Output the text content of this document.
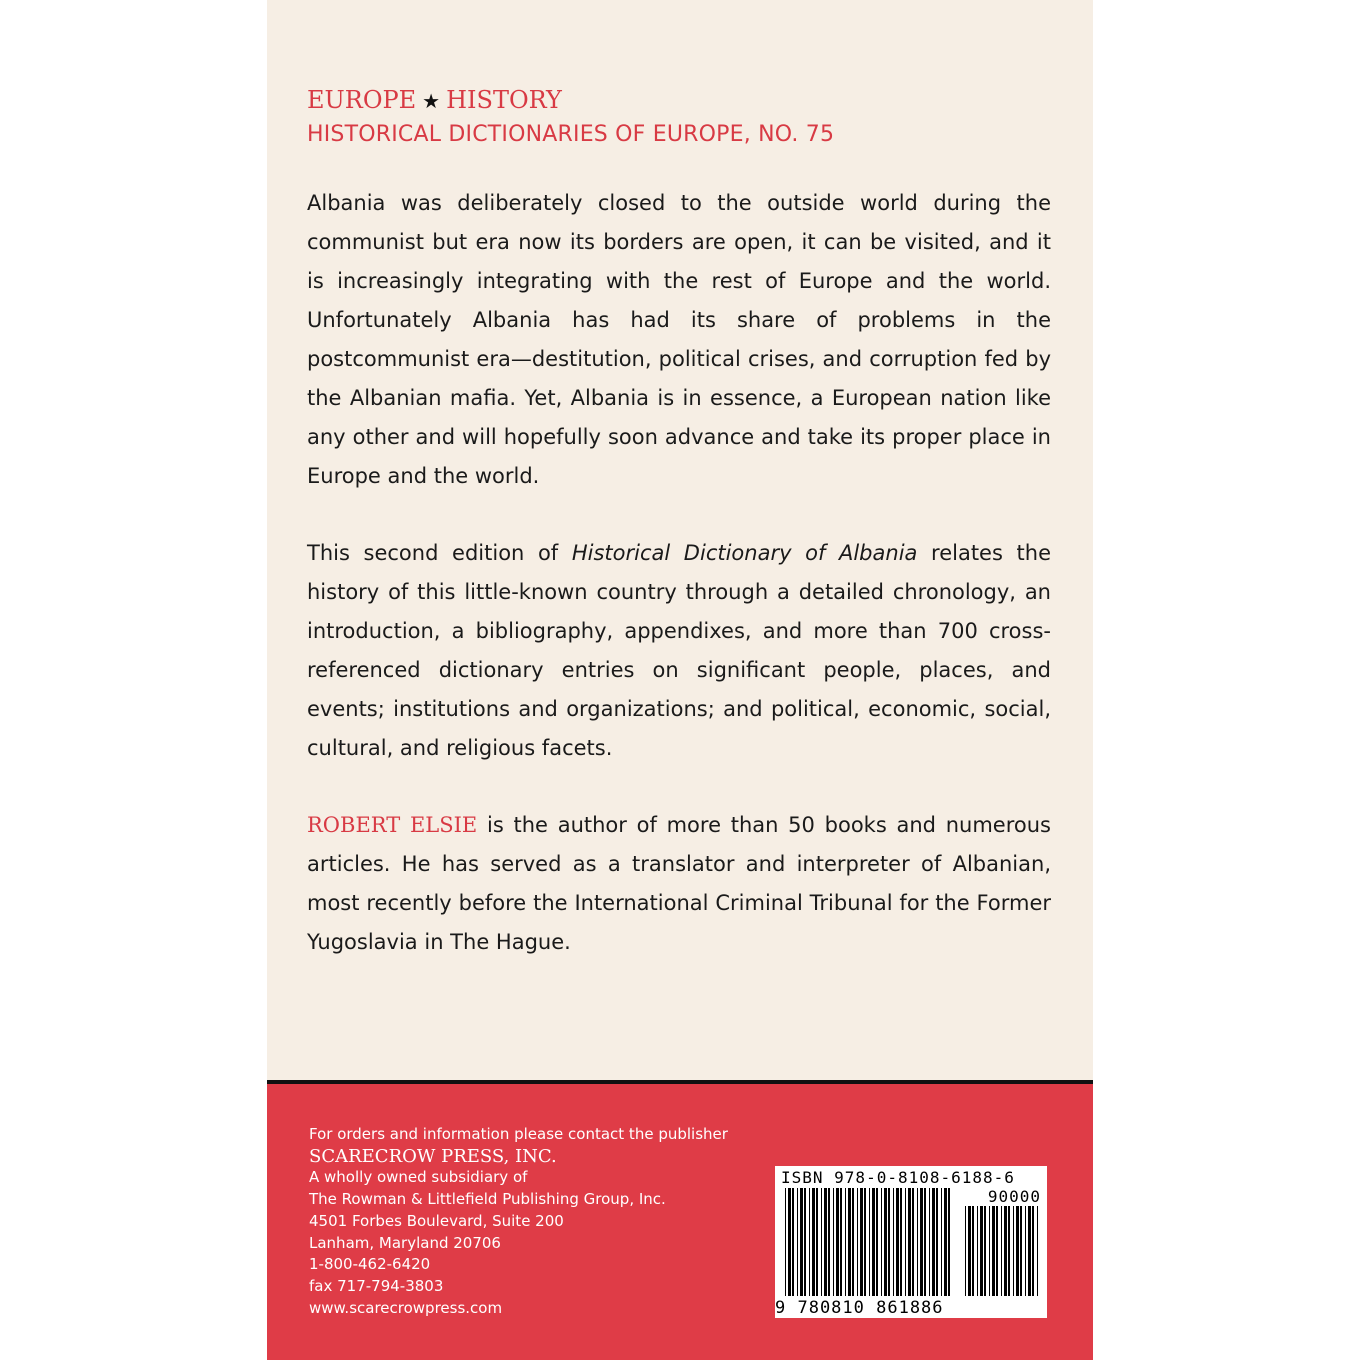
EUROPE ★ HISTORY
HISTORICAL DICTIONARIES OF EUROPE, NO. 75

Albania was deliberately closed to the outside world during the communist but era now its borders are open, it can be visited, and it is increasingly integrating with the rest of Europe and the world. Unfortunately Albania has had its share of problems in the postcommunist era—destitution, political crises, and corruption fed by the Albanian mafia. Yet, Albania is in essence, a European nation like any other and will hopefully soon advance and take its proper place in Europe and the world.

This second edition of Historical Dictionary of Albania relates the history of this little-known country through a detailed chronology, an introduction, a bibliography, appendixes, and more than 700 cross-referenced dictionary entries on significant people, places, and events; institutions and organizations; and political, economic, social, cultural, and religious facets.

ROBERT ELSIE is the author of more than 50 books and numerous articles. He has served as a translator and interpreter of Albanian, most recently before the International Criminal Tribunal for the Former Yugoslavia in The Hague.

For orders and information please contact the publisher
SCARECROW PRESS, INC.
A wholly owned subsidiary of
The Rowman & Littlefield Publishing Group, Inc.
4501 Forbes Boulevard, Suite 200
Lanham, Maryland 20706
1-800-462-6420
fax 717-794-3803
www.scarecrowpress.com
ISBN 978-0-8108-6188-6
90000
9 780810 861886
